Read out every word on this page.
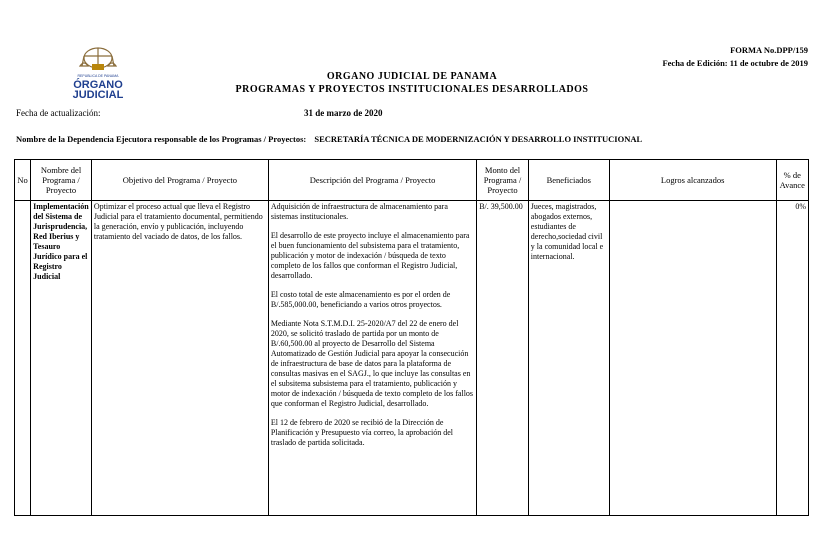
FORMA No.DPP/159
Fecha de Edición: 11 de octubre de 2019
REPUBLICA DE PANAMA
ÓRGANO
JUDICIAL
ORGANO JUDICIAL DE PANAMA
PROGRAMAS Y PROYECTOS INSTITUCIONALES DESARROLLADOS
Fecha de actualización:	31 de marzo de 2020
Nombre de la Dependencia Ejecutora responsable de los Programas / Proyectos: SECRETARÍA TÉCNICA DE MODERNIZACIÓN Y DESARROLLO INSTITUCIONAL
No	Nombre del Programa / Proyecto	Objetivo del Programa / Proyecto	Descripción del Programa / Proyecto	Monto del Programa / Proyecto	Beneficiados	Logros alcanzados	% de Avance
	Implementación del Sistema de Jurisprudencia, Red Iberius y Tesauro Jurídico para el Registro Judicial	Optimizar el proceso actual que lleva el Registro Judicial para el tratamiento documental, permitiendo la generación, envío y publicación, incluyendo tratamiento del vaciado de datos, de los fallos.	Adquisición de infraestructura de almacenamiento para sistemas institucionales.

El desarrollo de este proyecto incluye el almacenamiento para el buen funcionamiento del subsistema para el tratamiento, publicación y motor de indexación / búsqueda de texto completo de los fallos que conforman el Registro Judicial, desarrollado.

El costo total de este almacenamiento es por el orden de B/.585,000.00, beneficiando a varios otros proyectos.

Mediante Nota S.T.M.D.I. 25-2020/A7 del 22 de enero del 2020, se solicitó traslado de partida por un monto de B/.60,500.00 al proyecto de Desarrollo del Sistema Automatizado de Gestión Judicial para apoyar la consecución de infraestructura de base de datos para la plataforma de consultas masivas en el SAGJ., lo que incluye las consultas en el subsitema subsistema para el tratamiento, publicación y motor de indexación / búsqueda de texto completo de los fallos que conforman el Registro Judicial, desarrollado.

El 12 de febrero de 2020 se recibió de la Dirección de Planificación y Presupuesto vía correo, la aprobación del traslado de partida solicitada.	B/. 39,500.00	Jueces, magistrados, abogados externos, estudiantes de derecho,sociedad civil y la comunidad local e internacional.		0%
